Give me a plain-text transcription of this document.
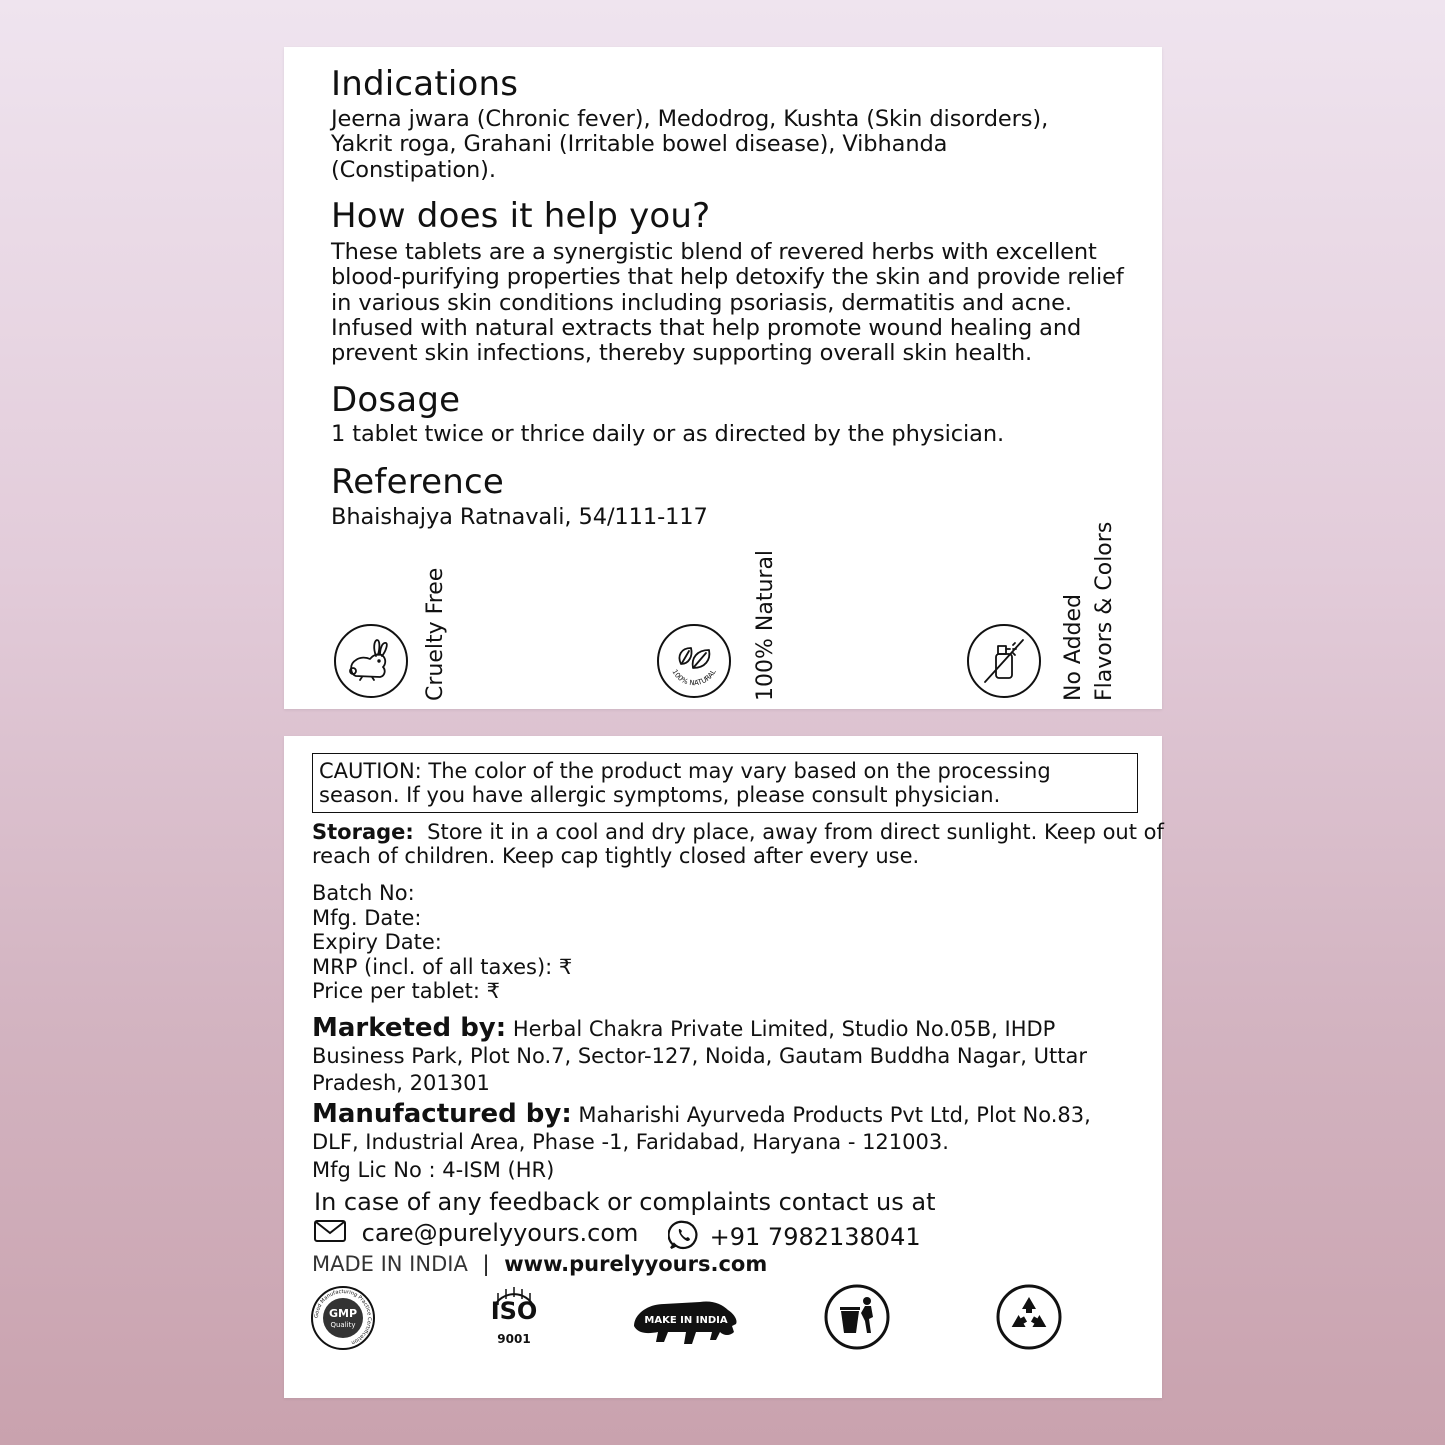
Indications

Jeerna jwara (Chronic fever), Medodrog, Kushta (Skin disorders), Yakrit roga, Grahani (Irritable bowel disease), Vibhanda (Constipation).

How does it help you?

These tablets are a synergistic blend of revered herbs with excellent blood-purifying properties that help detoxify the skin and provide relief in various skin conditions including psoriasis, dermatitis and acne. Infused with natural extracts that help promote wound healing and prevent skin infections, thereby supporting overall skin health.

Dosage

1 tablet twice or thrice daily or as directed by the physician.

Reference

Bhaishajya Ratnavali, 54/111-117

Cruelty Free	100% NATURAL 100% Natural	No Added Flavors & Colors
CAUTION: The color of the product may vary based on the processing season. If you have allergic symptoms, please consult physician.
Storage:  Store it in a cool and dry place, away from direct sunlight. Keep out of
reach of children. Keep cap tightly closed after every use.
Batch No:
Mfg. Date:
Expiry Date:
MRP (incl. of all taxes): ₹
Price per tablet: ₹
Marketed by: Herbal Chakra Private Limited, Studio No.05B, IHDP Business Park, Plot No.7, Sector-127, Noida, Gautam Buddha Nagar, Uttar Pradesh, 201301
Manufactured by: Maharishi Ayurveda Products Pvt Ltd, Plot No.83, DLF, Industrial Area, Phase -1, Faridabad, Haryana - 121003.
Mfg Lic No : 4-ISM (HR)
In case of any feedback or complaints contact us at
care@purelyyours.com	+91 7982138041
MADE IN INDIA | www.purelyyours.com
Good Manufacturing Practice Certification
GMP
Quality	ISO
9001
MAKE IN INDIA
